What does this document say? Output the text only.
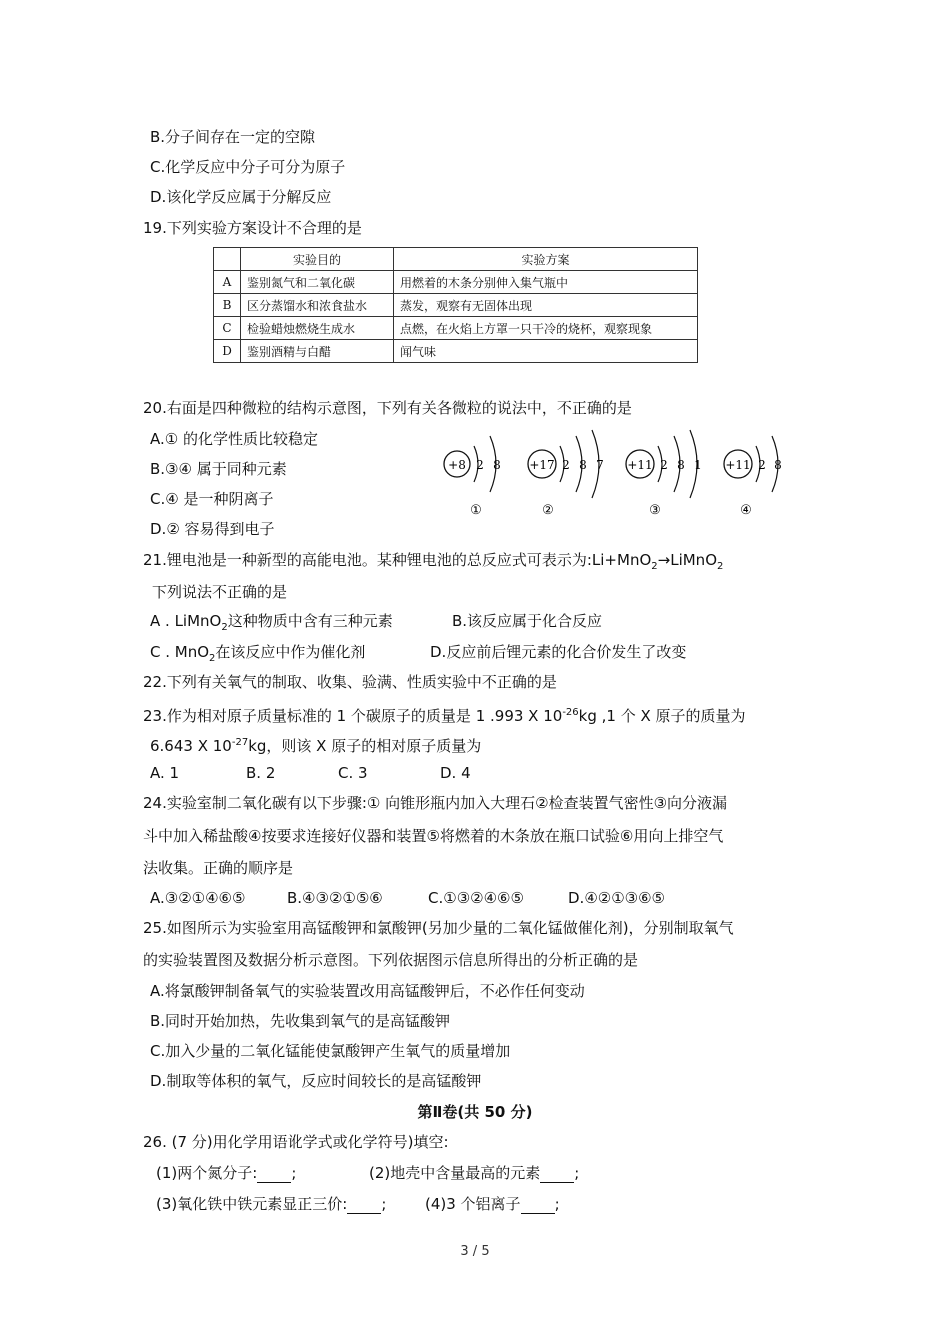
B.分子间存在一定的空隙
C.化学反应中分子可分为原子
D.该化学反应属于分解反应
19.下列实验方案设计不合理的是
	实验目的	实验方案
A	鉴别氮气和二氧化碳	用燃着的木条分别伸入集气瓶中
B	区分蒸馏水和浓食盐水	蒸发，观察有无固体出现
C	检验蜡烛燃烧生成水	点燃，在火焰上方罩一只干冷的烧杯，观察现象
D	鉴别酒精与白醋	闻气味
20.右面是四种微粒的结构示意图，下列有关各微粒的说法中，不正确的是
A.① 的化学性质比较稳定
B.③④ 属于同种元素
C.④ 是一种阴离子
D.② 容易得到电子
+8 2 8
①
+17 2 8 7
②
+11 2 8 1
③
+11 2 8
④
21.锂电池是一种新型的高能电池。某种锂电池的总反应式可表示为:Li+MnO$_2$→LiMnO$_2$
下列说法不正确的是
A . LiMnO$_2$这种物质中含有三种元素	B.该反应属于化合反应
C . MnO$_2$在该反应中作为催化剂	D.反应前后锂元素的化合价发生了改变
22.下列有关氧气的制取、收集、验满、性质实验中不正确的是
23.作为相对原子质量标准的 1 个碳原子的质量是 1 .993 X $10^{-26}kg$ ,1 个 X 原子的质量为
6.643 X $10^{-27}kg$，则该 X 原子的相对原子质量为
A. 1	B. 2	C. 3	D. 4
24.实验室制二氧化碳有以下步骤:① 向锥形瓶内加入大理石②检查装置气密性③向分液漏
斗中加入稀盐酸④按要求连接好仪器和装置⑤将燃着的木条放在瓶口试验⑥用向上排空气
法收集。正确的顺序是
A.③②①④⑥⑤	B.④③②①⑤⑥	C.①③②④⑥⑤	D.④②①③⑥⑤
25.如图所示为实验室用高锰酸钾和氯酸钾(另加少量的二氧化锰做催化剂)，分别制取氧气
的实验装置图及数据分析示意图。下列依据图示信息所得出的分析正确的是
A.将氯酸钾制备氧气的实验装置改用高锰酸钾后，不必作任何变动
B.同时开始加热，先收集到氧气的是高锰酸钾
C.加入少量的二氧化锰能使氯酸钾产生氧气的质量增加
D.制取等体积的氧气，反应时间较长的是高锰酸钾
第Ⅱ卷(共 50 分)
26. (7 分)用化学用语讹学式或化学符号)填空:
(1)两个氮分子: ;	(2)地壳中含量最高的元素 ;
(3)氧化铁中铁元素显正三价: ;	(4)3 个铝离子 ;
3 / 5
